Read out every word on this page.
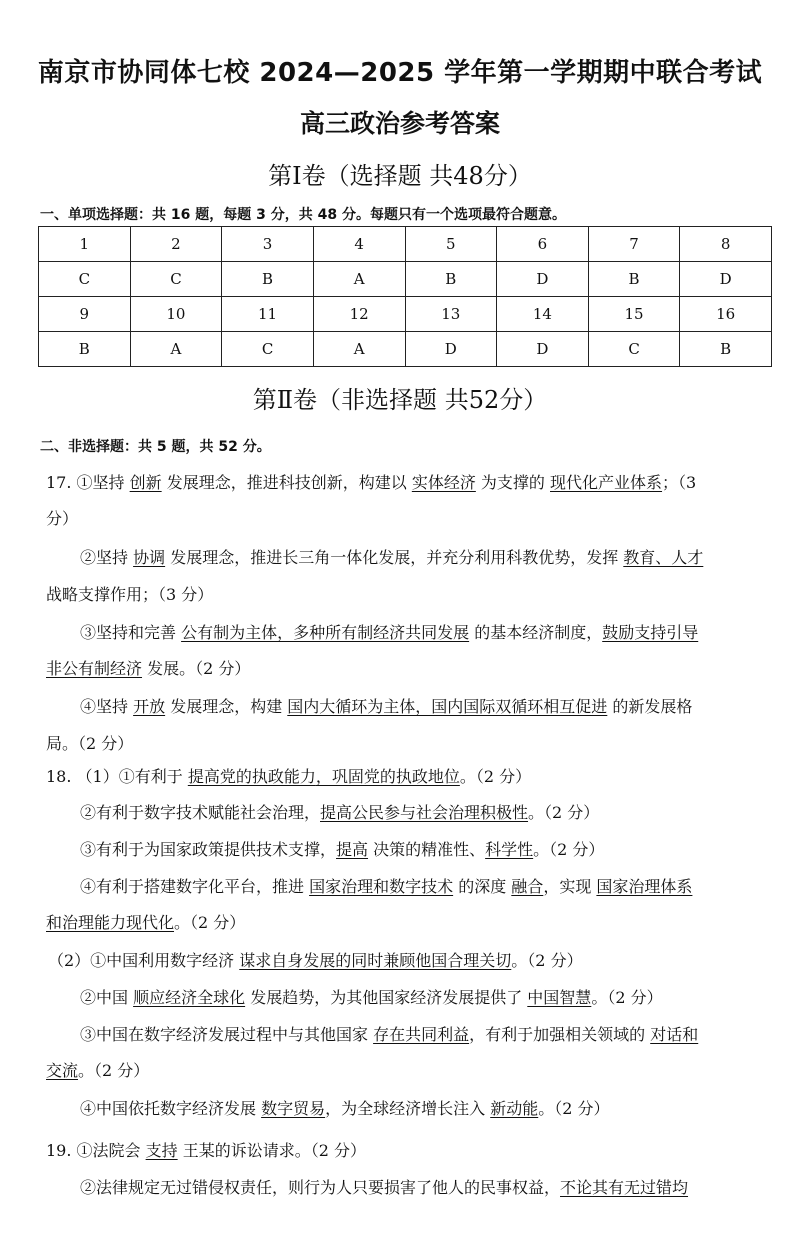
南京市协同体七校 2024—2025 学年第一学期期中联合考试
高三政治参考答案
第Ⅰ卷（选择题 共48分）
一、单项选择题：共 16 题，每题 3 分，共 48 分。每题只有一个选项最符合题意。
1	2	3	4	5	6	7	8
C	C	B	A	B	D	B	D
9	10	11	12	13	14	15	16
B	A	C	A	D	D	C	B
第Ⅱ卷（非选择题 共52分）
二、非选择题：共 5 题，共 52 分。
17. ①坚持 创新 发展理念，推进科技创新，构建以 实体经济 为支撑的 现代化产业体系；（3
分）
②坚持 协调 发展理念，推进长三角一体化发展，并充分利用科教优势，发挥 教育、人才
战略支撑作用；（3 分）
③坚持和完善 公有制为主体，多种所有制经济共同发展 的基本经济制度，鼓励支持引导
非公有制经济 发展。（2 分）
④坚持 开放 发展理念，构建 国内大循环为主体，国内国际双循环相互促进 的新发展格
局。（2 分）
18. （1）①有利于 提高党的执政能力，巩固党的执政地位。（2 分）
②有利于数字技术赋能社会治理，提高公民参与社会治理积极性。（2 分）
③有利于为国家政策提供技术支撑，提高 决策的精准性、科学性。（2 分）
④有利于搭建数字化平台，推进 国家治理和数字技术 的深度 融合，实现 国家治理体系
和治理能力现代化。（2 分）
（2）①中国利用数字经济 谋求自身发展的同时兼顾他国合理关切。（2 分）
②中国 顺应经济全球化 发展趋势，为其他国家经济发展提供了 中国智慧。（2 分）
③中国在数字经济发展过程中与其他国家 存在共同利益，有利于加强相关领域的 对话和
交流。（2 分）
④中国依托数字经济发展 数字贸易，为全球经济增长注入 新动能。（2 分）
19. ①法院会 支持 王某的诉讼请求。（2 分）
②法律规定无过错侵权责任，则行为人只要损害了他人的民事权益，不论其有无过错均
